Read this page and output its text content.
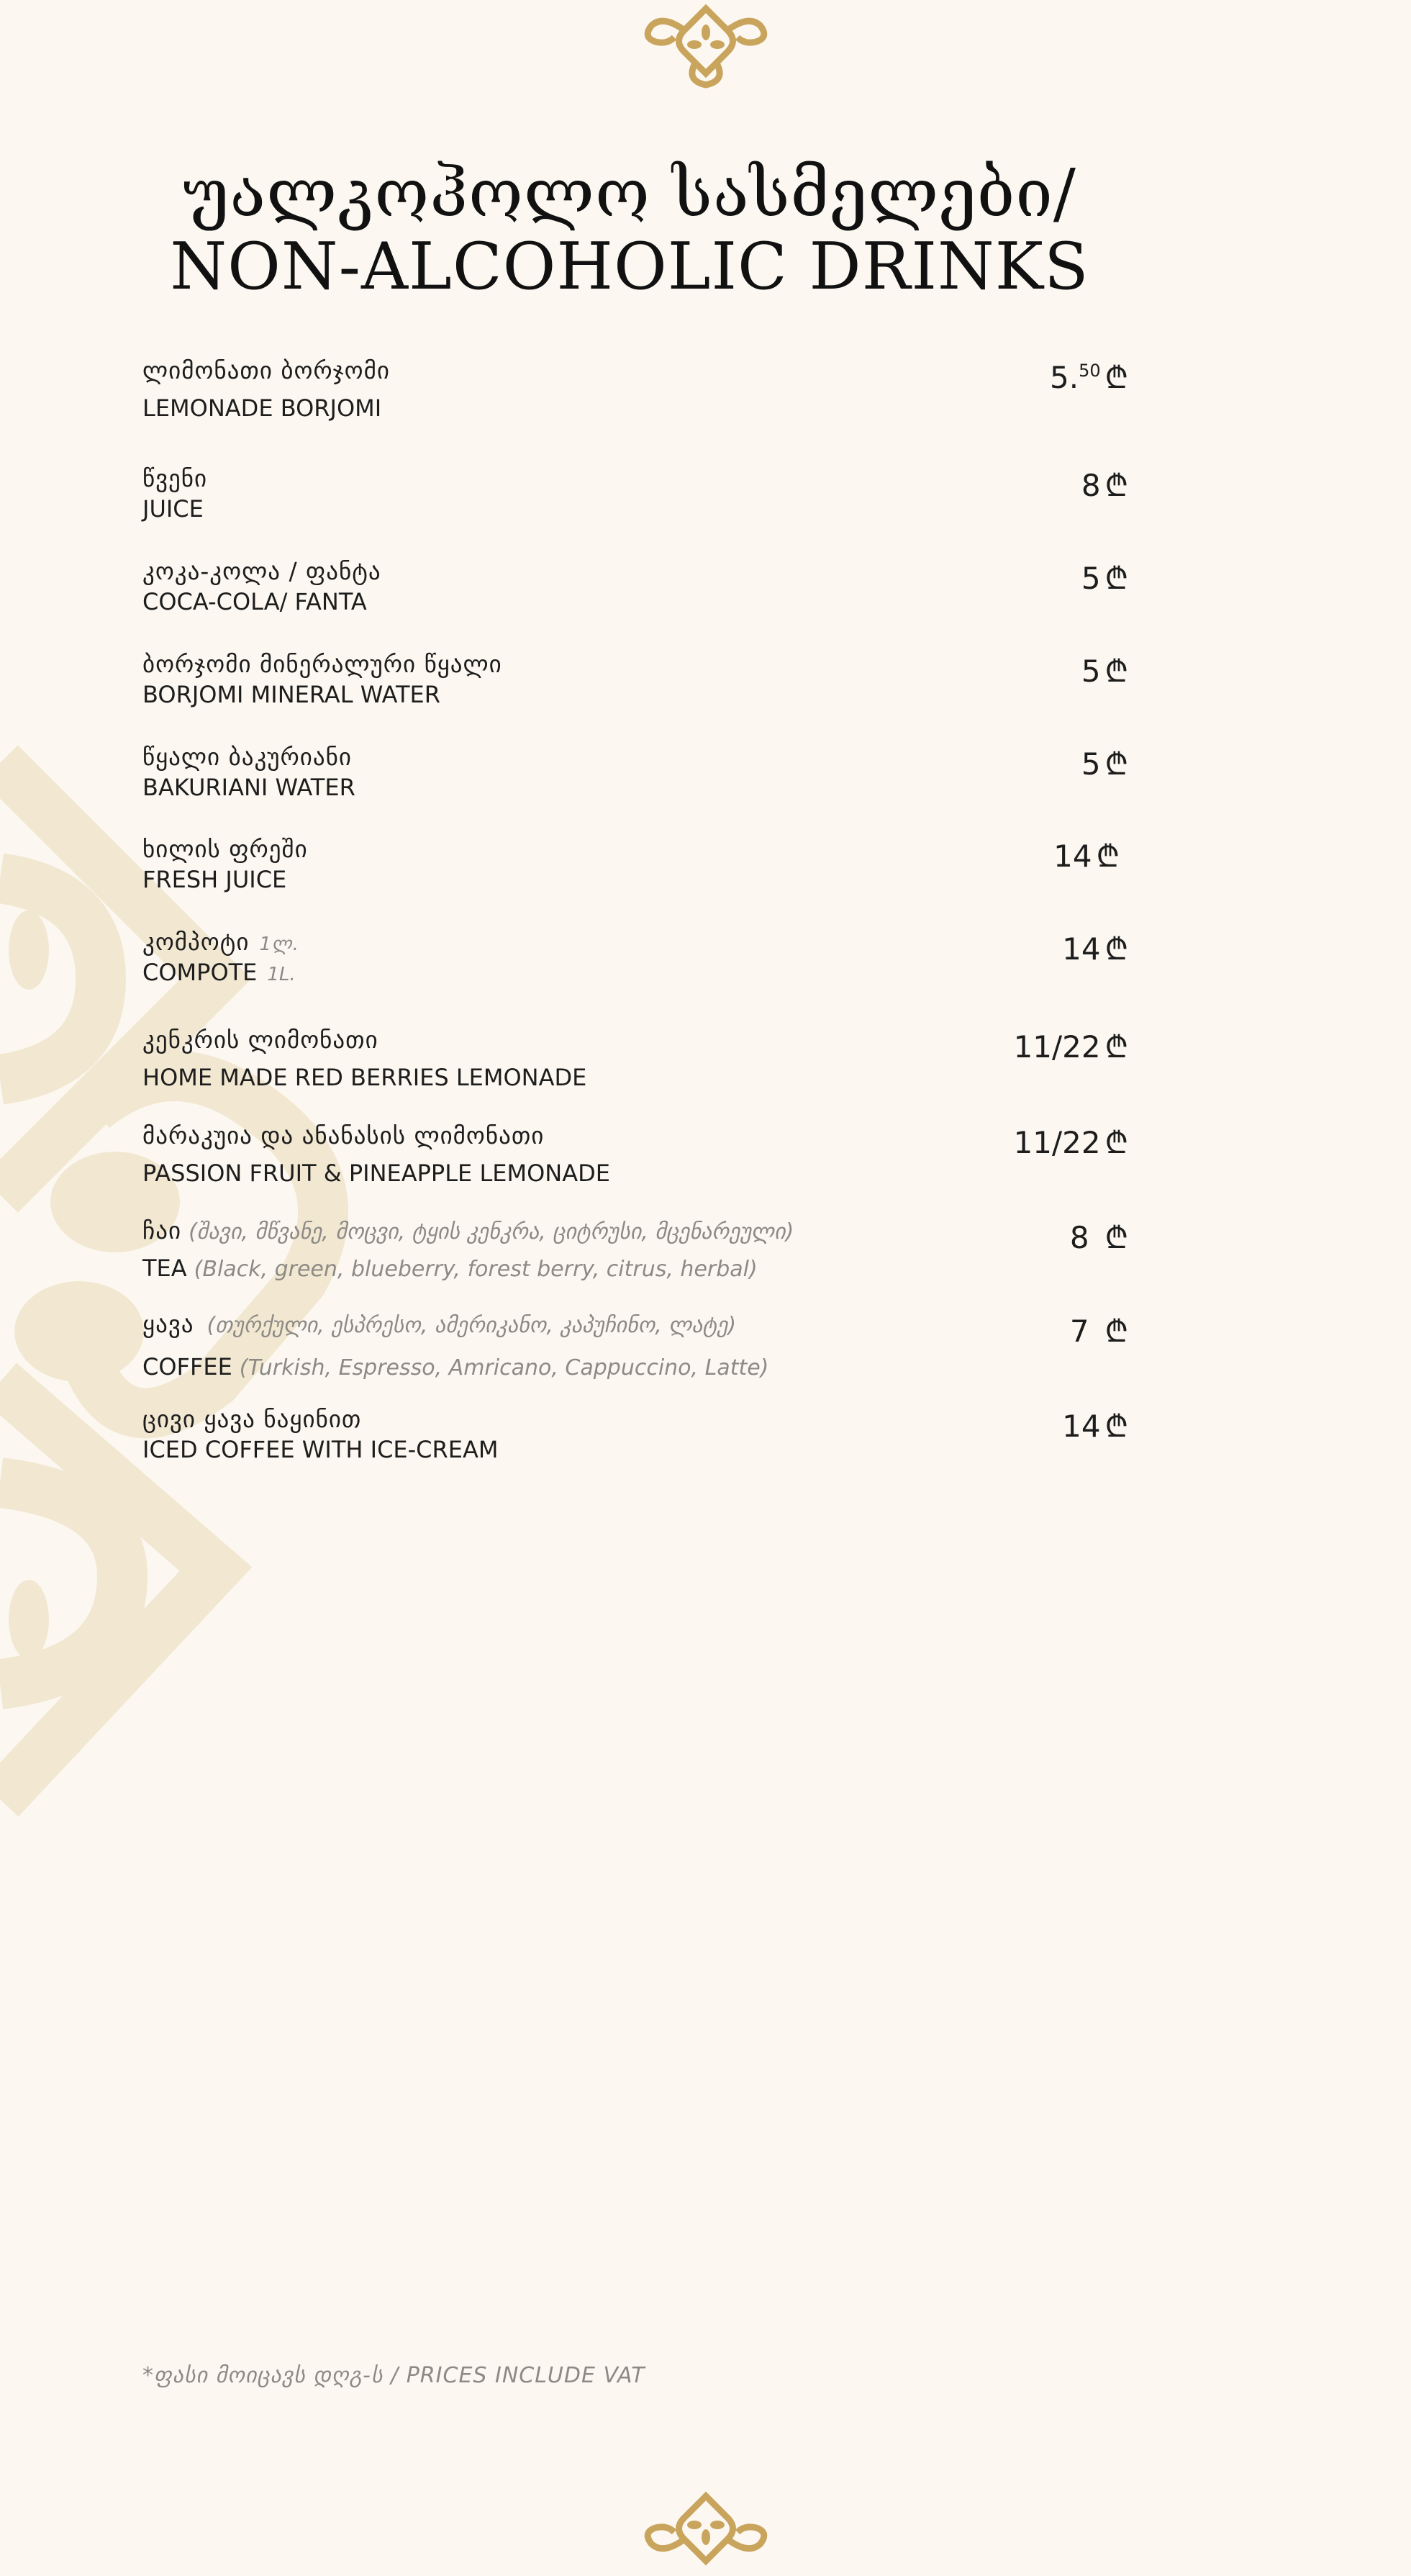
უალკოჰოლო სასმელები/
NON-ALCOHOLIC DRINKS
ლიმონათი ბორჯომი
LEMONADE BORJOMI
5.50 ₾
წვენი
JUICE
8 ₾
კოკა-კოლა / ფანტა
COCA-COLA/ FANTA
5 ₾
ბორჯომი მინერალური წყალი
BORJOMI MINERAL WATER
5 ₾
წყალი ბაკურიანი
BAKURIANI WATER
5 ₾
ხილის ფრეში
FRESH JUICE
14 ₾
კომპოტი 1ლ.
COMPOTE 1L.
14 ₾
კენკრის ლიმონათი
HOME MADE RED BERRIES LEMONADE
11/22 ₾
მარაკუია და ანანასის ლიმონათი
PASSION FRUIT & PINEAPPLE LEMONADE
11/22 ₾
ჩაი (შავი, მწვანე, მოცვი, ტყის კენკრა, ციტრუსი, მცენარეული)
TEA (Black, green, blueberry, forest berry, citrus, herbal)
8 ₾
ყავა (თურქული, ესპრესო, ამერიკანო, კაპუჩინო, ლატე)
COFFEE (Turkish, Espresso, Amricano, Cappuccino, Latte)
7 ₾
ცივი ყავა ნაყინით
ICED COFFEE WITH ICE-CREAM
14 ₾
*ფასი მოიცავს დღგ-ს / PRICES INCLUDE VAT
